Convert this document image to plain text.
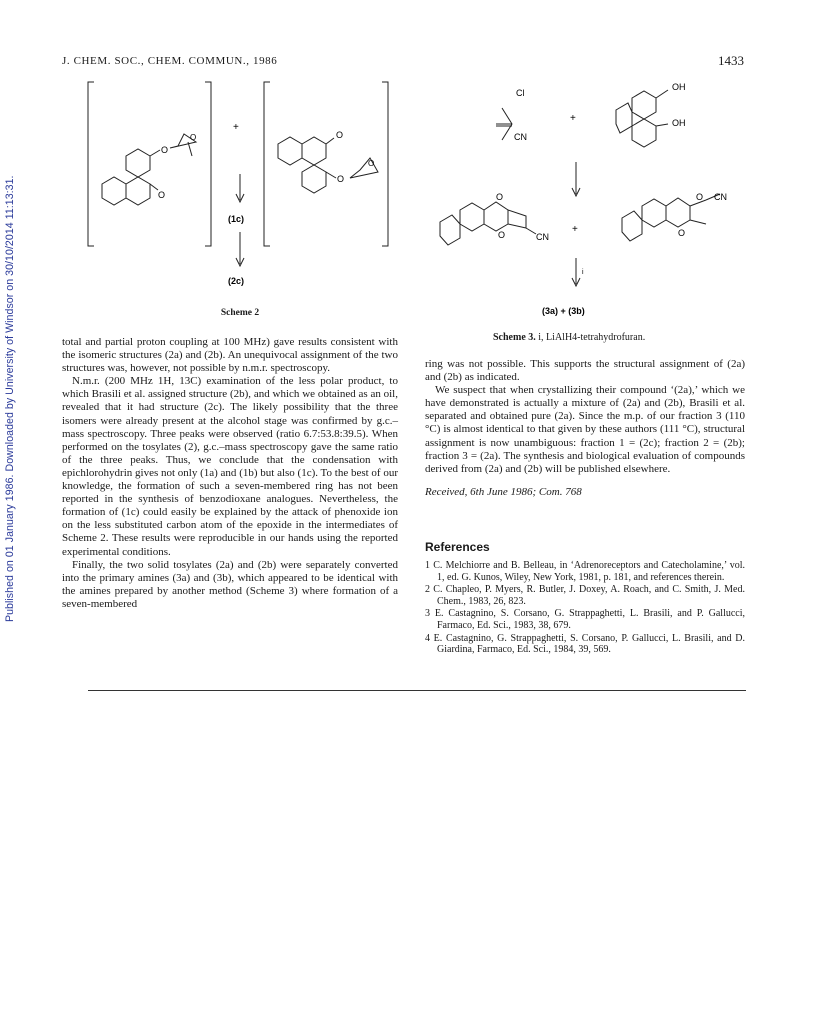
Published on 01 January 1986. Downloaded by University of Windsor on 30/10/2014 11:13:31.
J. CHEM. SOC., CHEM. COMMUN., 1986	1433
O
O
O	O
O
O
+
(1c)
(2c)
Scheme 2
Cl
CN
+
OH
OH
O
O	CN
+
O
O
CN
i
(3a) + (3b)
Scheme 3. i, LiAlH4-tetrahydrofuran.

total and partial proton coupling at 100 MHz) gave results consistent with the isomeric structures (2a) and (2b). An unequivocal assignment of the two structures was, however, not possible by n.m.r. spectroscopy.

N.m.r. (200 MHz 1H, 13C) examination of the less polar product, to which Brasili et al. assigned structure (2b), and which we obtained as an oil, revealed that it had structure (2c). The likely possibility that the three isomers were already present at the alcohol stage was confirmed by g.c.–mass spectroscopy. Three peaks were observed (ratio 6.7:53.8:39.5). When performed on the tosylates (2), g.c.–mass spectroscopy gave the same ratio of the three peaks. Thus, we conclude that the condensation with epichlorohydrin gives not only (1a) and (1b) but also (1c). To the best of our knowledge, the formation of such a seven-membered ring has not been reported in the synthesis of benzodioxane analogues. Nevertheless, the formation of (1c) could easily be explained by the attack of phenoxide ion on the less substituted carbon atom of the epoxide in the intermediates of Scheme 2. These results were reproducible in our hands using the reported experimental conditions.

Finally, the two solid tosylates (2a) and (2b) were separately converted into the primary amines (3a) and (3b), which appeared to be identical with the amines prepared by another method (Scheme 3) where formation of a seven-membered

ring was not possible. This supports the structural assignment of (2a) and (2b) as indicated.

We suspect that when crystallizing their compound ‘(2a),’ which we have demonstrated is actually a mixture of (2a) and (2b), Brasili et al. separated and obtained pure (2a). Since the m.p. of our fraction 3 (110 °C) is almost identical to that given by these authors (111 °C), structural assignment is now unambiguous: fraction 1 = (2c); fraction 2 = (2b); fraction 3 = (2a). The synthesis and biological evaluation of compounds derived from (2a) and (2b) will be published elsewhere.

Received, 6th June 1986; Com. 768

References

1 C. Melchiorre and B. Belleau, in ‘Adrenoreceptors and Catecholamine,’ vol. 1, ed. G. Kunos, Wiley, New York, 1981, p. 181, and references therein.

2 C. Chapleo, P. Myers, R. Butler, J. Doxey, A. Roach, and C. Smith, J. Med. Chem., 1983, 26, 823.

3 E. Castagnino, S. Corsano, G. Strappaghetti, L. Brasili, and P. Gallucci, Farmaco, Ed. Sci., 1983, 38, 679.

4 E. Castagnino, G. Strappaghetti, S. Corsano, P. Gallucci, L. Brasili, and D. Giardina, Farmaco, Ed. Sci., 1984, 39, 569.
